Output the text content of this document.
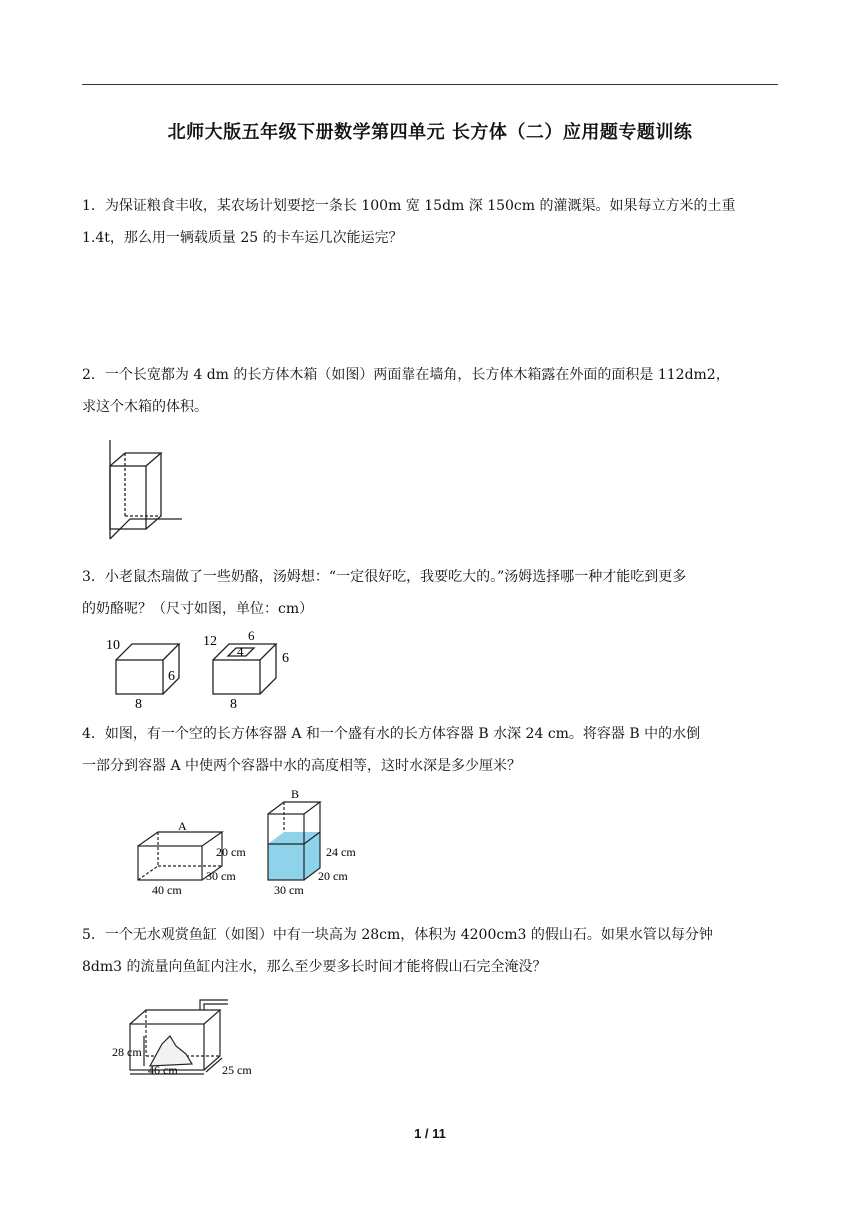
北师大版五年级下册数学第四单元 长方体（二）应用题专题训练
1．为保证粮食丰收，某农场计划要挖一条长 100m 宽 15dm 深 150cm 的灌溉渠。如果每立方米的土重
1.4t，那么用一辆载质量 25 的卡车运几次能运完？
2．一个长宽都为 4 dm 的长方体木箱（如图）两面靠在墙角，长方体木箱露在外面的面积是 112dm2，
求这个木箱的体积。
3．小老鼠杰瑞做了一些奶酪，汤姆想：“一定很好吃，我要吃大的。”汤姆选择哪一种才能吃到更多
的奶酪呢？（尺寸如图，单位：cm）
10
6
8
12
4
6
6
8
4．如图，有一个空的长方体容器 A 和一个盛有水的长方体容器 B 水深 24 cm。将容器 B 中的水倒
一部分到容器 A 中使两个容器中水的高度相等，这时水深是多少厘米？
A
20 cm
30 cm
40 cm
B
24 cm
20 cm
30 cm
5．一个无水观赏鱼缸（如图）中有一块高为 28cm，体积为 4200cm3 的假山石。如果水管以每分钟
8dm3 的流量向鱼缸内注水，那么至少要多长时间才能将假山石完全淹没？
28 cm
25 cm
46 cm
1 / 11
